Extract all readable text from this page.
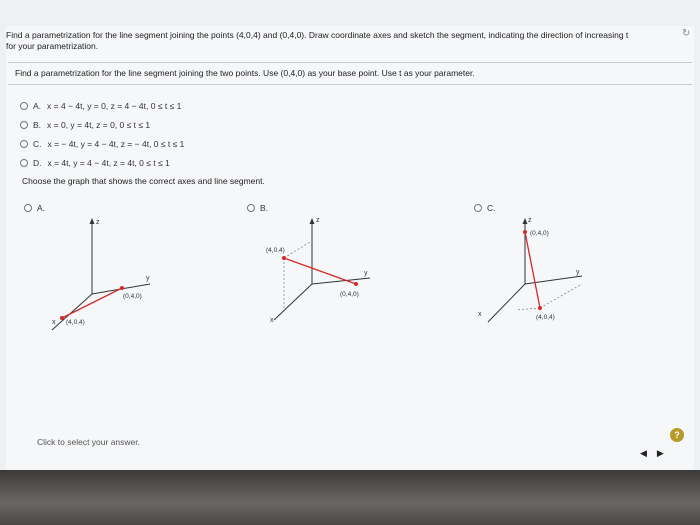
↻
Find a parametrization for the line segment joining the points (4,0,4) and (0,4,0). Draw coordinate axes and sketch the segment, indicating the direction of increasing t
for your parametrization.
Find a parametrization for the line segment joining the two points. Use (0,4,0) as your base point. Use t as your parameter.
A. x = 4 − 4t, y = 0, z = 4 − 4t, 0 ≤ t ≤ 1
B. x = 0, y = 4t, z = 0, 0 ≤ t ≤ 1
C. x = − 4t, y = 4 − 4t, z = − 4t, 0 ≤ t ≤ 1
D. x = 4t, y = 4 − 4t, z = 4t, 0 ≤ t ≤ 1
Choose the graph that shows the correct axes and line segment.
A.
z
y
x (4,0,4)
(0,4,0)
B.
z
y
x
(4,0,4)
(0,4,0)
C.
z
y
x
(0,4,0)
(4,0,4)
Click to select your answer.
?
◀ ▶
